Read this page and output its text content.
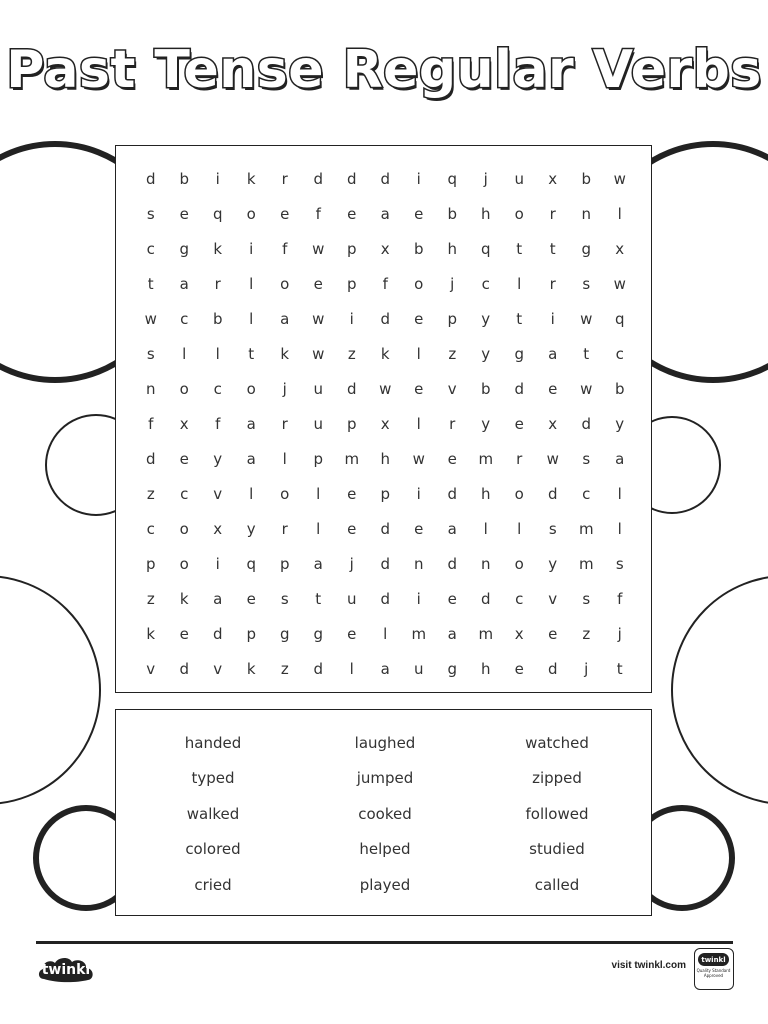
Past Tense Regular Verbs
d	b	i	k	r	d	d	d	i	q	j	u	x	b	w
s	e	q	o	e	f	e	a	e	b	h	o	r	n	l
c	g	k	i	f	w	p	x	b	h	q	t	t	g	x
t	a	r	l	o	e	p	f	o	j	c	l	r	s	w
w	c	b	l	a	w	i	d	e	p	y	t	i	w	q
s	l	l	t	k	w	z	k	l	z	y	g	a	t	c
n	o	c	o	j	u	d	w	e	v	b	d	e	w	b
f	x	f	a	r	u	p	x	l	r	y	e	x	d	y
d	e	y	a	l	p	m	h	w	e	m	r	w	s	a
z	c	v	l	o	l	e	p	i	d	h	o	d	c	l
c	o	x	y	r	l	e	d	e	a	l	l	s	m	l
p	o	i	q	p	a	j	d	n	d	n	o	y	m	s
z	k	a	e	s	t	u	d	i	e	d	c	v	s	f
k	e	d	p	g	g	e	l	m	a	m	x	e	z	j
v	d	v	k	z	d	l	a	u	g	h	e	d	j	t
handed	laughed	watched
typed	jumped	zipped
walked	cooked	followed
colored	helped	studied
cried	played	called
twinkl	visit twinkl.com
twinkl
Quality Standard Approved
